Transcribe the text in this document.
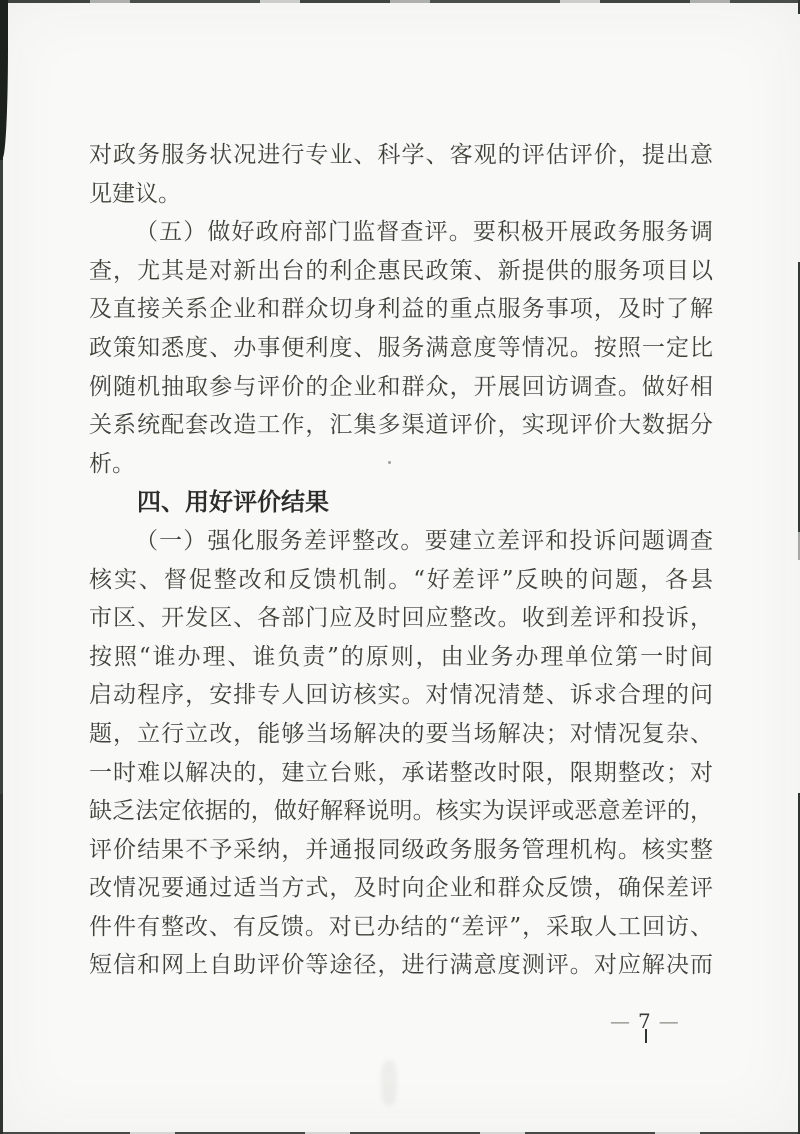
对政务服务状况进行专业、科学、客观的评估评价，提出意
见建议。
（五）做好政府部门监督查评。要积极开展政务服务调
查，尤其是对新出台的利企惠民政策、新提供的服务项目以
及直接关系企业和群众切身利益的重点服务事项，及时了解
政策知悉度、办事便利度、服务满意度等情况。按照一定比
例随机抽取参与评价的企业和群众，开展回访调查。做好相
关系统配套改造工作，汇集多渠道评价，实现评价大数据分
析。
四、用好评价结果
（一）强化服务差评整改。要建立差评和投诉问题调查
核实、督促整改和反馈机制。“好差评”反映的问题，各县
市区、开发区、各部门应及时回应整改。收到差评和投诉，
按照“谁办理、谁负责”的原则，由业务办理单位第一时间
启动程序，安排专人回访核实。对情况清楚、诉求合理的问
题，立行立改，能够当场解决的要当场解决；对情况复杂、
一时难以解决的，建立台账，承诺整改时限，限期整改；对
缺乏法定依据的，做好解释说明。核实为误评或恶意差评的，
评价结果不予采纳，并通报同级政务服务管理机构。核实整
改情况要通过适当方式，及时向企业和群众反馈，确保差评
件件有整改、有反馈。对已办结的“差评”，采取人工回访、
短信和网上自助评价等途径，进行满意度测评。对应解决而
— 7 —
